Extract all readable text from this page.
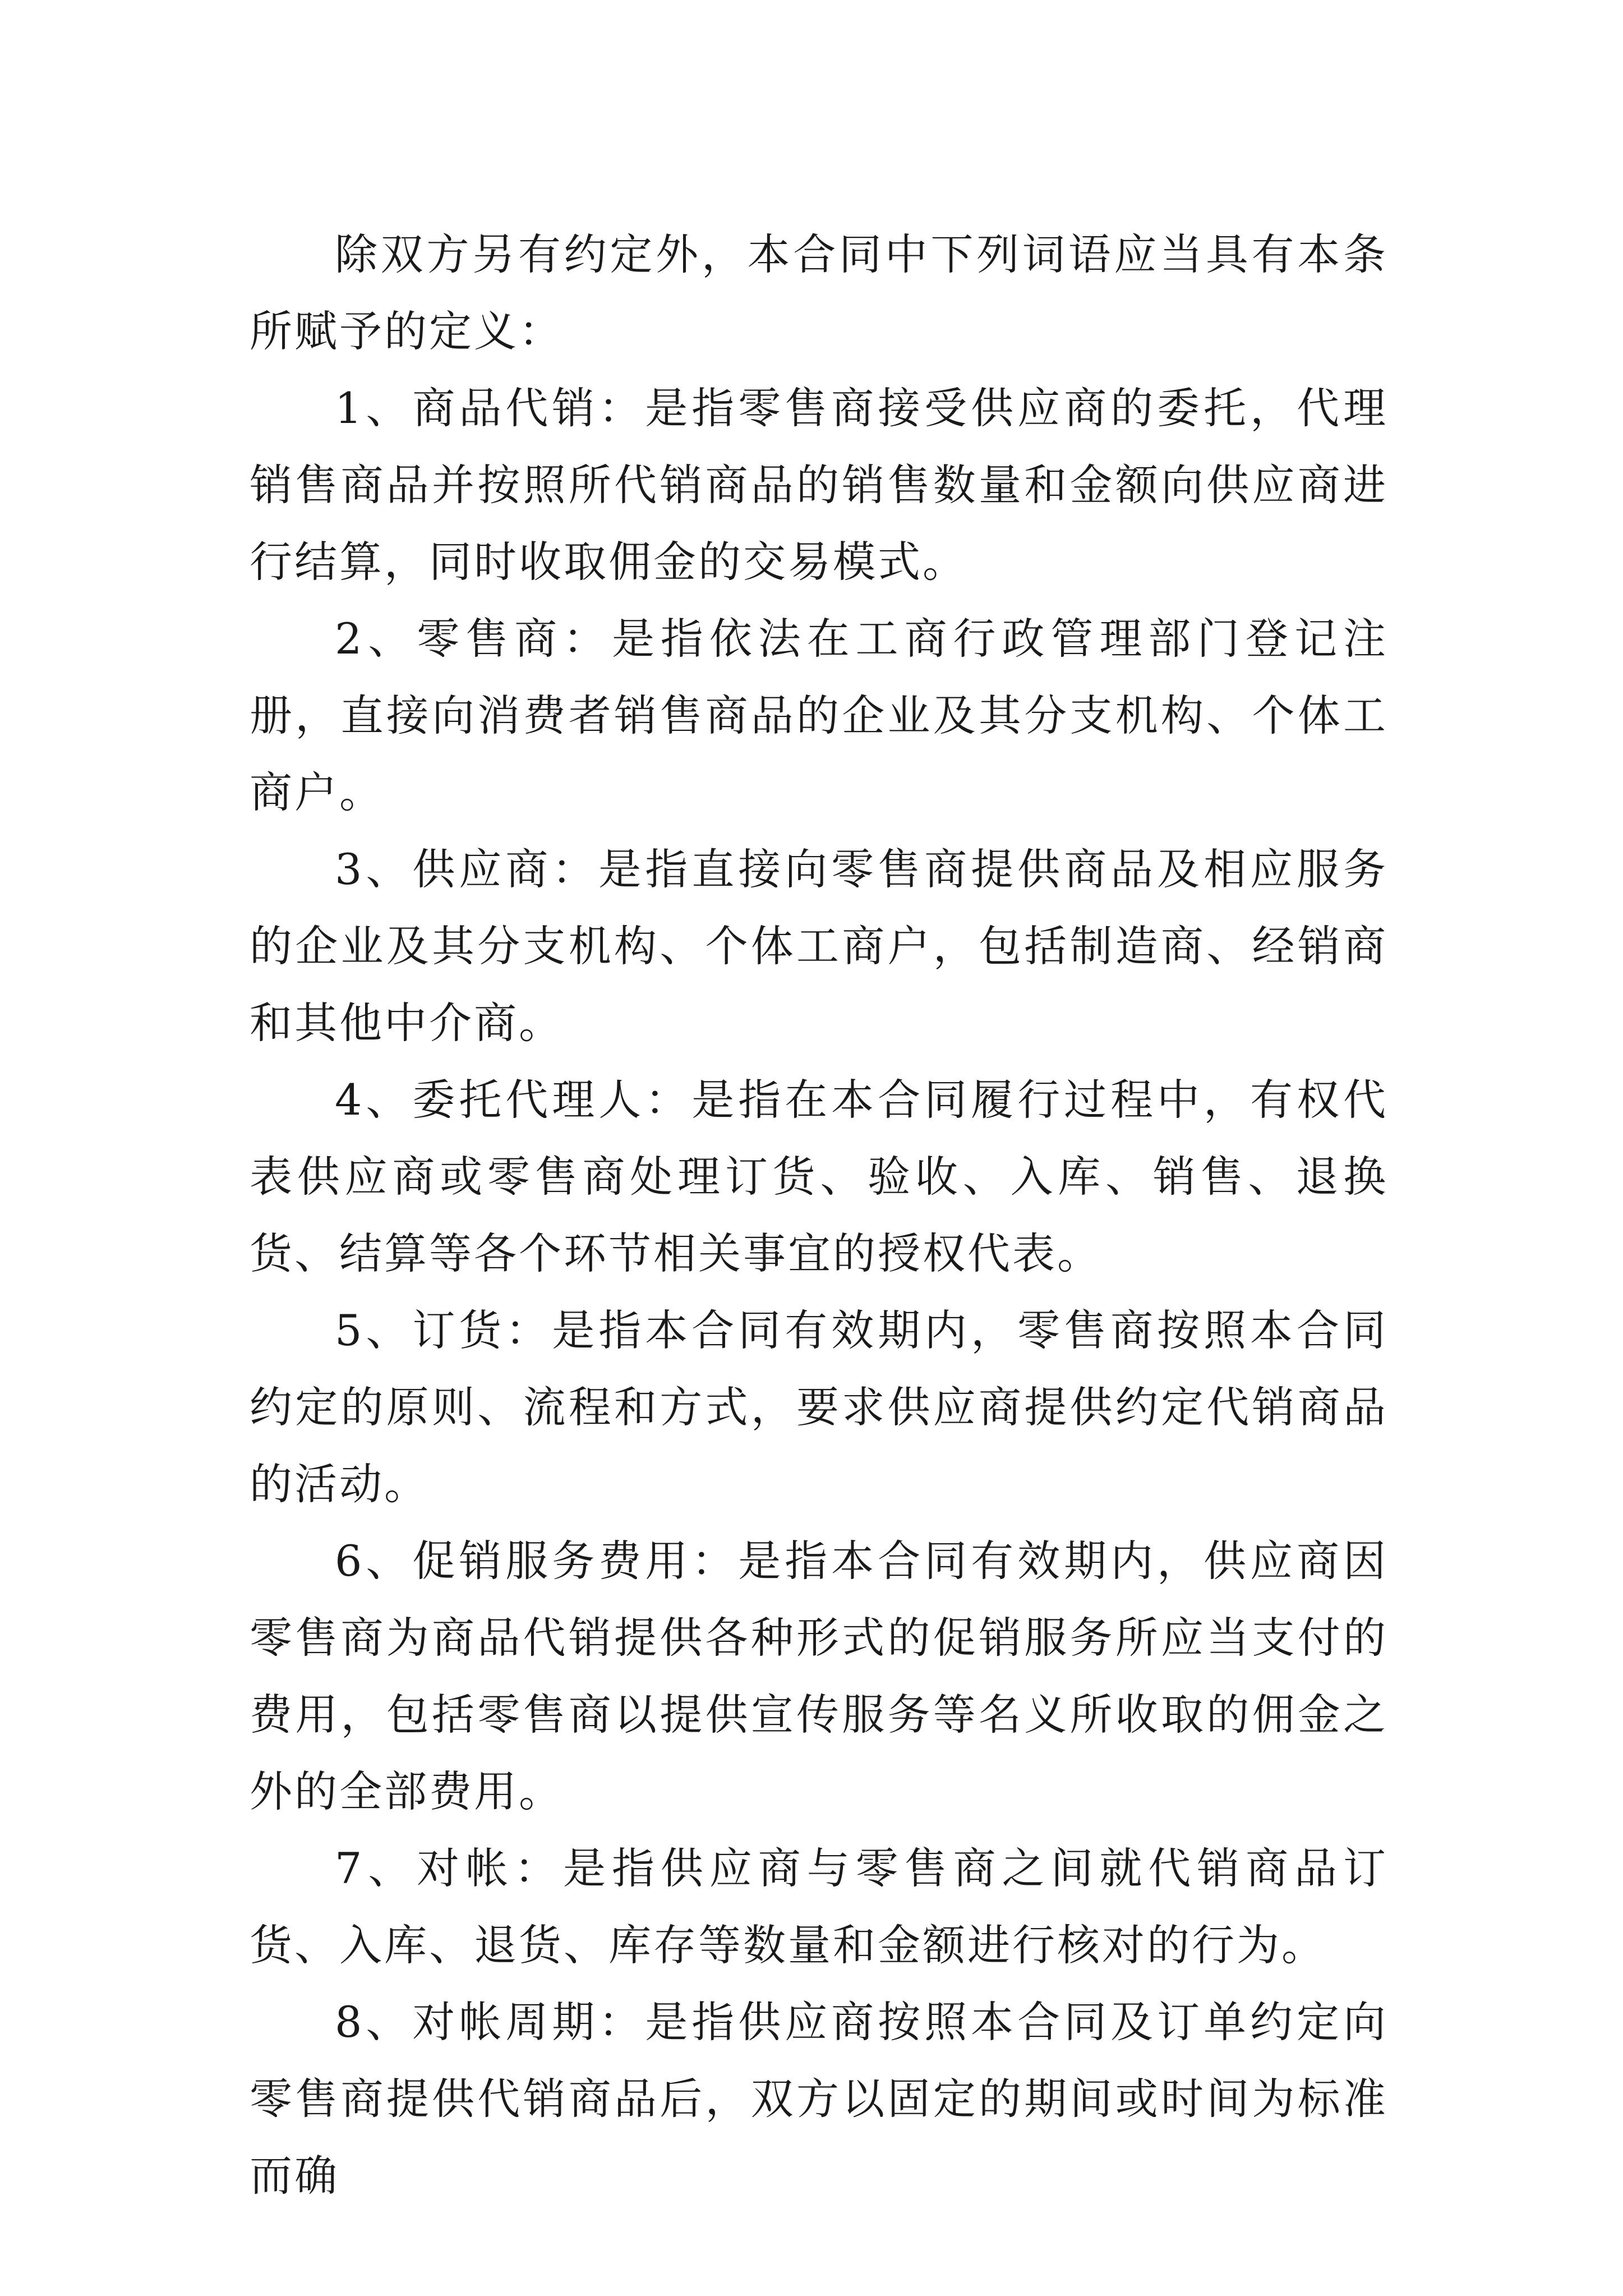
除双方另有约定外，本合同中下列词语应当具有本条所赋予的定义：

1、商品代销：是指零售商接受供应商的委托，代理销售商品并按照所代销商品的销售数量和金额向供应商进行结算，同时收取佣金的交易模式。

2、零售商：是指依法在工商行政管理部门登记注册，直接向消费者销售商品的企业及其分支机构、个体工商户。

3、供应商：是指直接向零售商提供商品及相应服务的企业及其分支机构、个体工商户，包括制造商、经销商和其他中介商。

4、委托代理人：是指在本合同履行过程中，有权代表供应商或零售商处理订货、验收、入库、销售、退换货、结算等各个环节相关事宜的授权代表。

5、订货：是指本合同有效期内，零售商按照本合同约定的原则、流程和方式，要求供应商提供约定代销商品的活动。

6、促销服务费用：是指本合同有效期内，供应商因零售商为商品代销提供各种形式的促销服务所应当支付的费用，包括零售商以提供宣传服务等名义所收取的佣金之外的全部费用。

7、对帐：是指供应商与零售商之间就代销商品订货、入库、退货、库存等数量和金额进行核对的行为。

8、对帐周期：是指供应商按照本合同及订单约定向零售商提供代销商品后，双方以固定的期间或时间为标准而确
